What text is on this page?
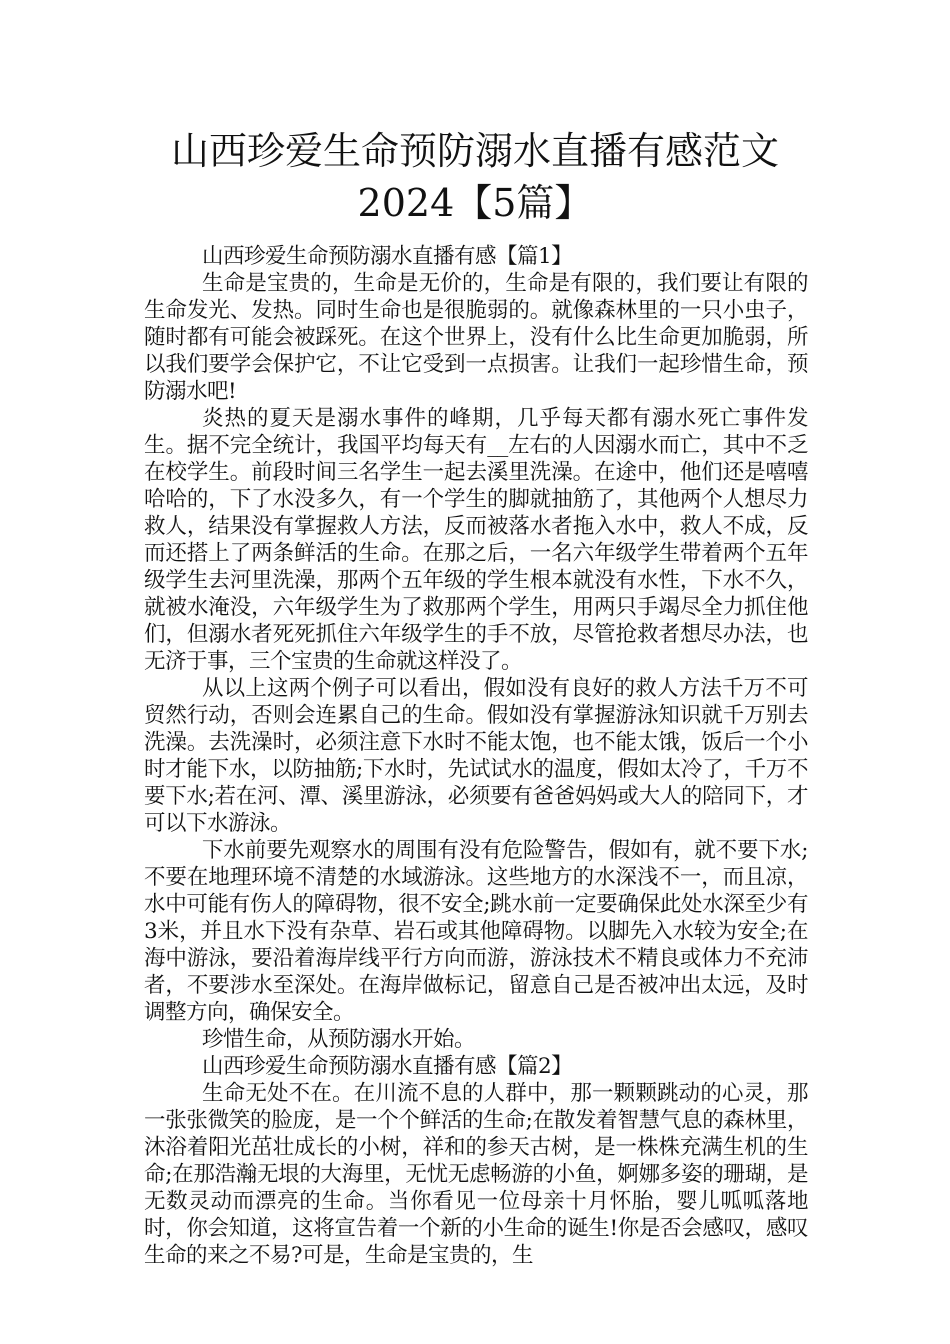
山西珍爱生命预防溺水直播有感范文
2024【5篇】

山西珍爱生命预防溺水直播有感【篇1】

生命是宝贵的，生命是无价的，生命是有限的，我们要让有限的生命发光、发热。同时生命也是很脆弱的。就像森林里的一只小虫子，随时都有可能会被踩死。在这个世界上，没有什么比生命更加脆弱，所以我们要学会保护它，不让它受到一点损害。让我们一起珍惜生命，预防溺水吧!

炎热的夏天是溺水事件的峰期，几乎每天都有溺水死亡事件发生。据不完全统计，我国平均每天有__左右的人因溺水而亡，其中不乏在校学生。前段时间三名学生一起去溪里洗澡。在途中，他们还是嘻嘻哈哈的，下了水没多久，有一个学生的脚就抽筋了，其他两个人想尽力救人，结果没有掌握救人方法，反而被落水者拖入水中，救人不成，反而还搭上了两条鲜活的生命。在那之后，一名六年级学生带着两个五年级学生去河里洗澡，那两个五年级的学生根本就没有水性，下水不久，就被水淹没，六年级学生为了救那两个学生，用两只手竭尽全力抓住他们，但溺水者死死抓住六年级学生的手不放，尽管抢救者想尽办法，也无济于事，三个宝贵的生命就这样没了。

从以上这两个例子可以看出，假如没有良好的救人方法千万不可贸然行动，否则会连累自己的生命。假如没有掌握游泳知识就千万别去洗澡。去洗澡时，必须注意下水时不能太饱，也不能太饿，饭后一个小时才能下水，以防抽筋;下水时，先试试水的温度，假如太冷了，千万不要下水;若在河、潭、溪里游泳，必须要有爸爸妈妈或大人的陪同下，才可以下水游泳。

下水前要先观察水的周围有没有危险警告，假如有，就不要下水;不要在地理环境不清楚的水域游泳。这些地方的水深浅不一，而且凉，水中可能有伤人的障碍物，很不安全;跳水前一定要确保此处水深至少有3米，并且水下没有杂草、岩石或其他障碍物。以脚先入水较为安全;在海中游泳，要沿着海岸线平行方向而游，游泳技术不精良或体力不充沛者，不要涉水至深处。在海岸做标记，留意自己是否被冲出太远，及时调整方向，确保安全。

珍惜生命，从预防溺水开始。

山西珍爱生命预防溺水直播有感【篇2】

生命无处不在。在川流不息的人群中，那一颗颗跳动的心灵，那一张张微笑的脸庞，是一个个鲜活的生命;在散发着智慧气息的森林里，沐浴着阳光茁壮成长的小树，祥和的参天古树，是一株株充满生机的生命;在那浩瀚无垠的大海里，无忧无虑畅游的小鱼，婀娜多姿的珊瑚，是无数灵动而漂亮的生命。当你看见一位母亲十月怀胎，婴儿呱呱落地时，你会知道，这将宣告着一个新的小生命的诞生!你是否会感叹，感叹生命的来之不易?可是，生命是宝贵的，生
